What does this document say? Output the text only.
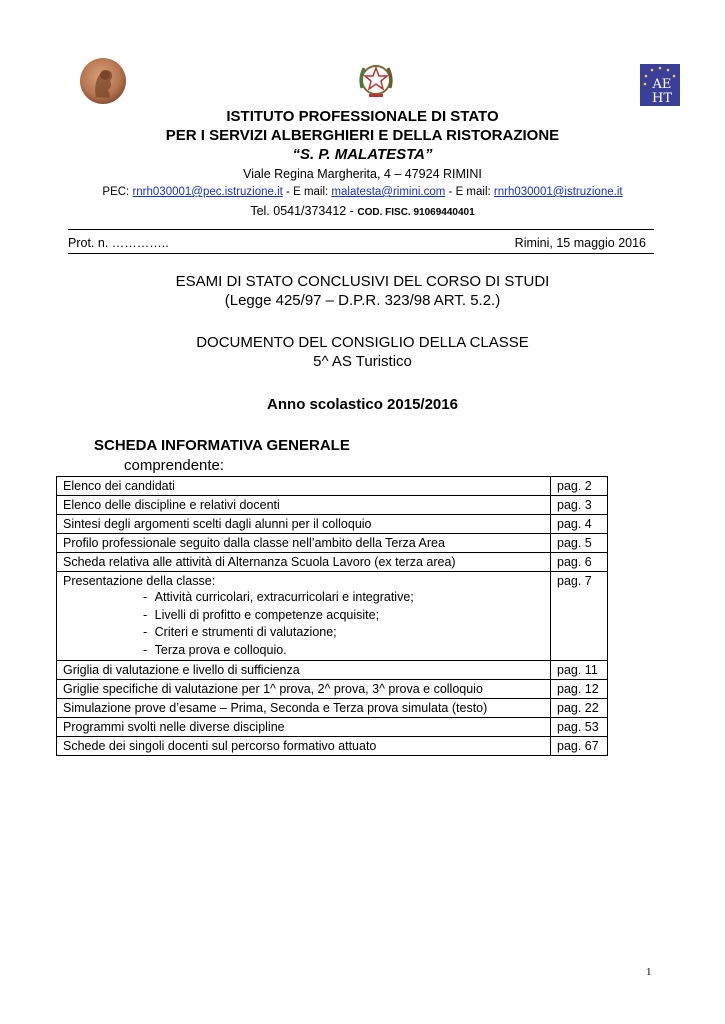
AE
HT
ISTITUTO PROFESSIONALE DI STATO
PER I SERVIZI ALBERGHIERI E DELLA RISTORAZIONE
“S. P. MALATESTA”
Viale Regina Margherita, 4 – 47924 RIMINI
PEC: rnrh030001@pec.istruzione.it - E mail: malatesta@rimini.com - E mail: rnrh030001@istruzione.it
Tel. 0541/373412 - COD. FISC. 91069440401
Prot. n. …………..	Rimini, 15 maggio 2016
ESAMI DI STATO CONCLUSIVI DEL CORSO DI STUDI
(Legge 425/97 – D.P.R. 323/98 ART. 5.2.)
DOCUMENTO DEL CONSIGLIO DELLA CLASSE
5^ AS Turistico
Anno scolastico 2015/2016
SCHEDA INFORMATIVA GENERALE
comprendente:
Elenco dei candidati	pag. 2
Elenco delle discipline e relativi docenti	pag. 3
Sintesi degli argomenti scelti dagli alunni per il colloquio	pag. 4
Profilo professionale seguito dalla classe nell’ambito della Terza Area	pag. 5
Scheda relativa alle attività di Alternanza Scuola Lavoro (ex terza area)	pag. 6

Presentazione della classe:
- Attività curricolari, extracurricolari e integrative;
- Livelli di profitto e competenze acquisite;
- Criteri e strumenti di valutazione;
- Terza prova e colloquio.	pag. 7
Griglia di valutazione e livello di sufficienza	pag. 11
Griglie specifiche di valutazione per 1^ prova, 2^ prova, 3^ prova e colloquio	pag. 12
Simulazione prove d’esame – Prima, Seconda e Terza prova simulata (testo)	pag. 22
Programmi svolti nelle diverse discipline	pag. 53
Schede dei singoli docenti sul percorso formativo attuato	pag. 67
1
